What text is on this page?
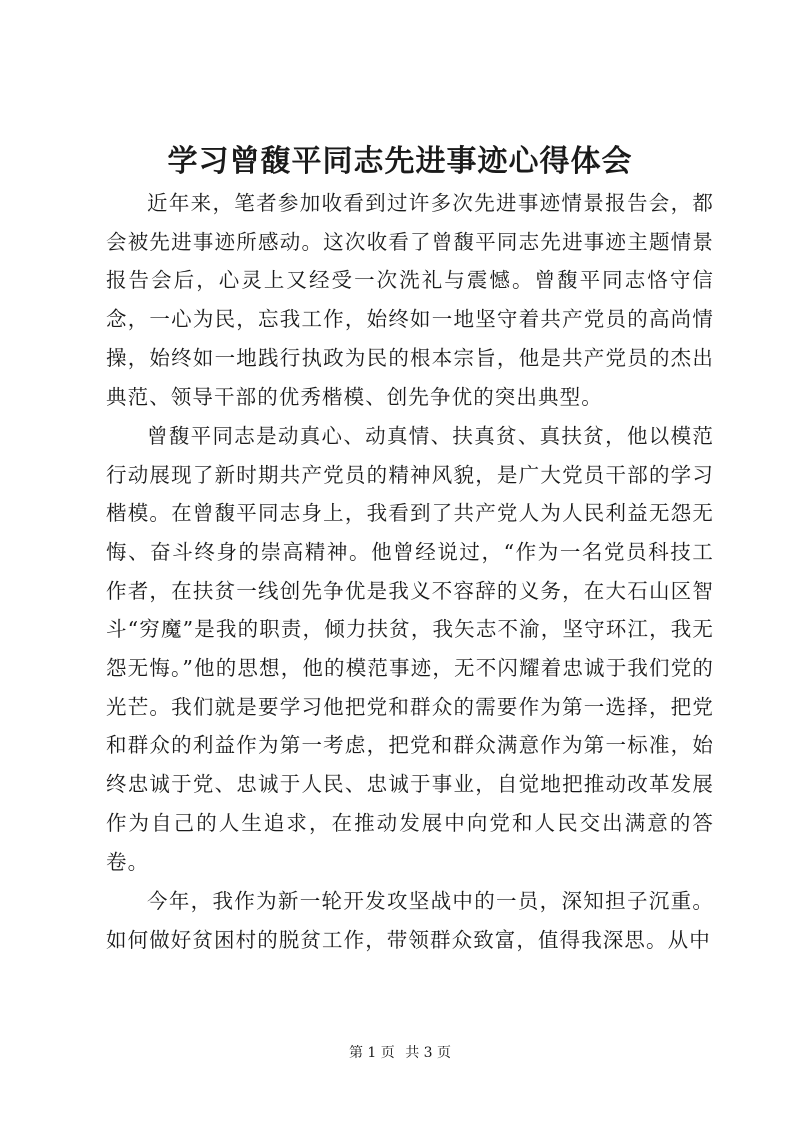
学习曾馥平同志先进事迹心得体会

近年来，笔者参加收看到过许多次先进事迹情景报告会，都会被先进事迹所感动。这次收看了曾馥平同志先进事迹主题情景报告会后，心灵上又经受一次洗礼与震憾。曾馥平同志恪守信念，一心为民，忘我工作，始终如一地坚守着共产党员的高尚情操，始终如一地践行执政为民的根本宗旨，他是共产党员的杰出典范、领导干部的优秀楷模、创先争优的突出典型。

曾馥平同志是动真心、动真情、扶真贫、真扶贫，他以模范行动展现了新时期共产党员的精神风貌，是广大党员干部的学习楷模。在曾馥平同志身上，我看到了共产党人为人民利益无怨无悔、奋斗终身的崇高精神。他曾经说过，“作为一名党员科技工作者，在扶贫一线创先争优是我义不容辞的义务，在大石山区智斗“穷魔”是我的职责，倾力扶贫，我矢志不渝，坚守环江，我无怨无悔。”他的思想，他的模范事迹，无不闪耀着忠诚于我们党的光芒。我们就是要学习他把党和群众的需要作为第一选择，把党和群众的利益作为第一考虑，把党和群众满意作为第一标准，始终忠诚于党、忠诚于人民、忠诚于事业，自觉地把推动改革发展作为自己的人生追求，在推动发展中向党和人民交出满意的答卷。

今年，我作为新一轮开发攻坚战中的一员，深知担子沉重。如何做好贫困村的脱贫工作，带领群众致富，值得我深思。从中

第 1 页 共 3 页
